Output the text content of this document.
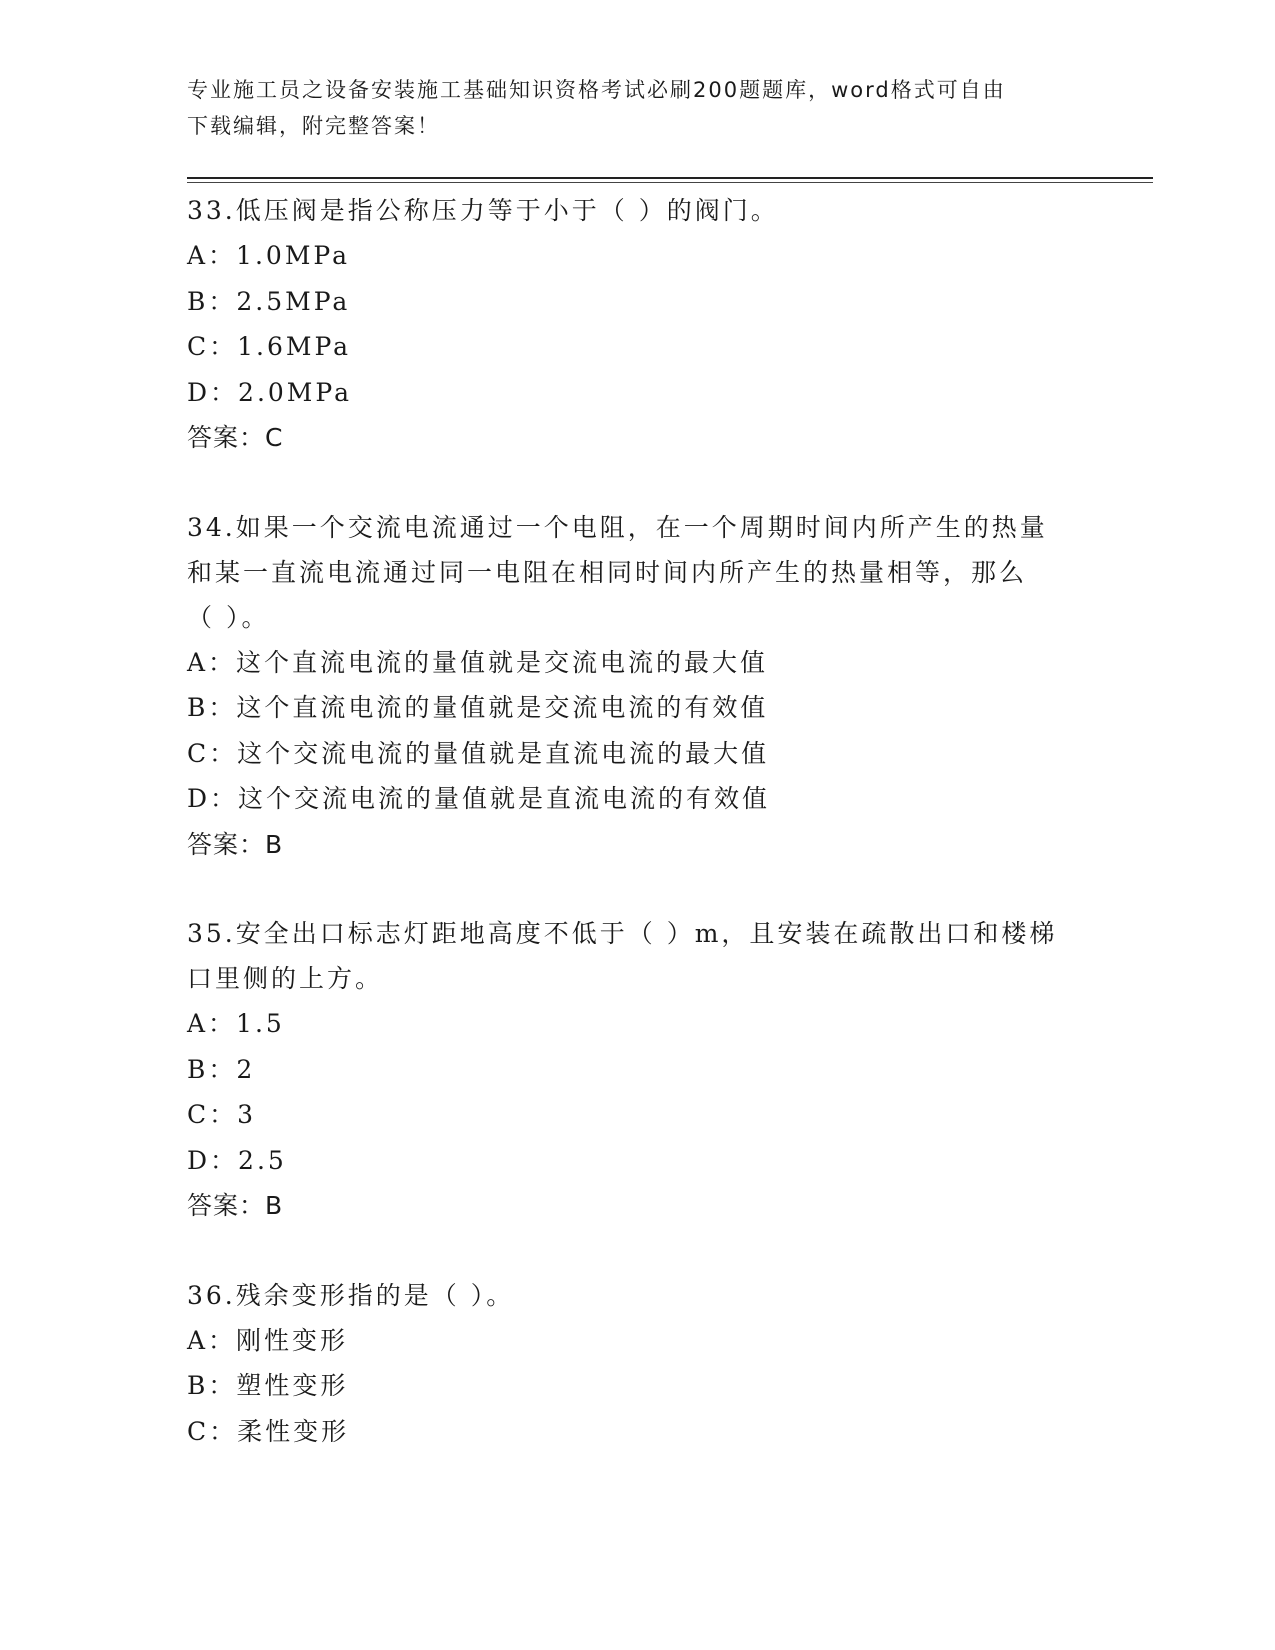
专业施工员之设备安装施工基础知识资格考试必刷200题题库，word格式可自由
下载编辑，附完整答案！

33.低压阀是指公称压力等于小于（ ）的阀门。

A：1.0MPa

B：2.5MPa

C：1.6MPa

D：2.0MPa

答案：C

34.如果一个交流电流通过一个电阻，在一个周期时间内所产生的热量

和某一直流电流通过同一电阻在相同时间内所产生的热量相等，那么

（ ）。

A：这个直流电流的量值就是交流电流的最大值

B：这个直流电流的量值就是交流电流的有效值

C：这个交流电流的量值就是直流电流的最大值

D：这个交流电流的量值就是直流电流的有效值

答案：B

35.安全出口标志灯距地高度不低于（ ）m，且安装在疏散出口和楼梯

口里侧的上方。

A：1.5

B：2

C：3

D：2.5

答案：B

36.残余变形指的是（ ）。

A：刚性变形

B：塑性变形

C：柔性变形
